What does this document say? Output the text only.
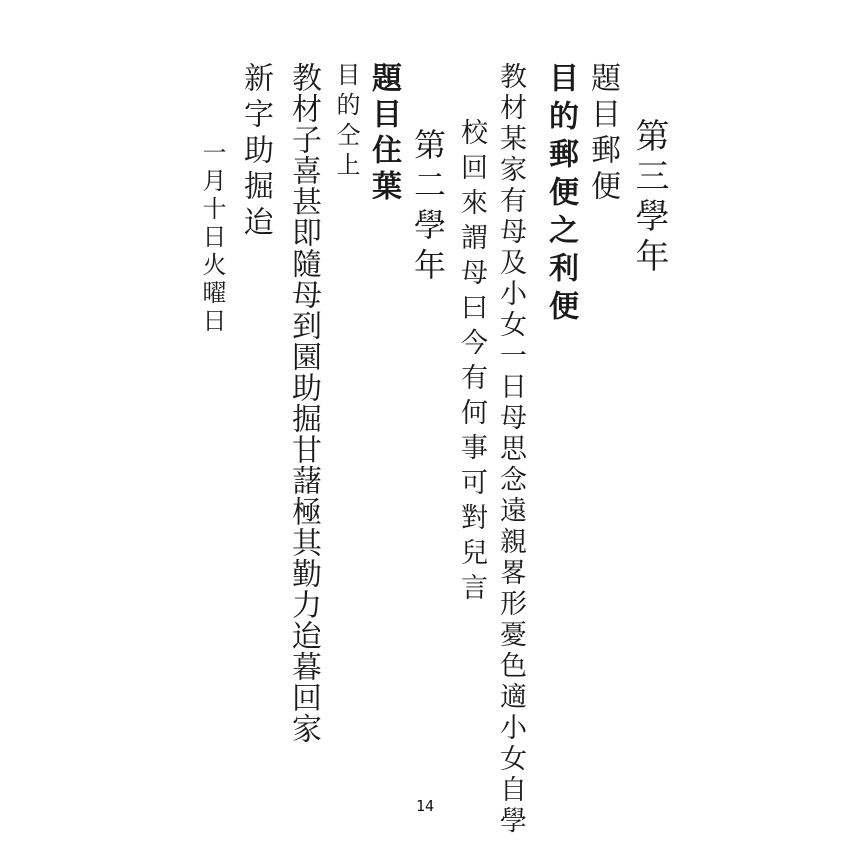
第三學年
題目郵便
目的郵便之利便
教材某家有母及小女一日母思念遠親畧形憂色適小女自學
校回來謂母曰今有何事可對兒言
第二學年
題目住葉
目的仝上
教材子喜甚即隨母到園助掘甘藷極其勤力迨暮回家
新字助掘迨
一月十日火曜日
14
